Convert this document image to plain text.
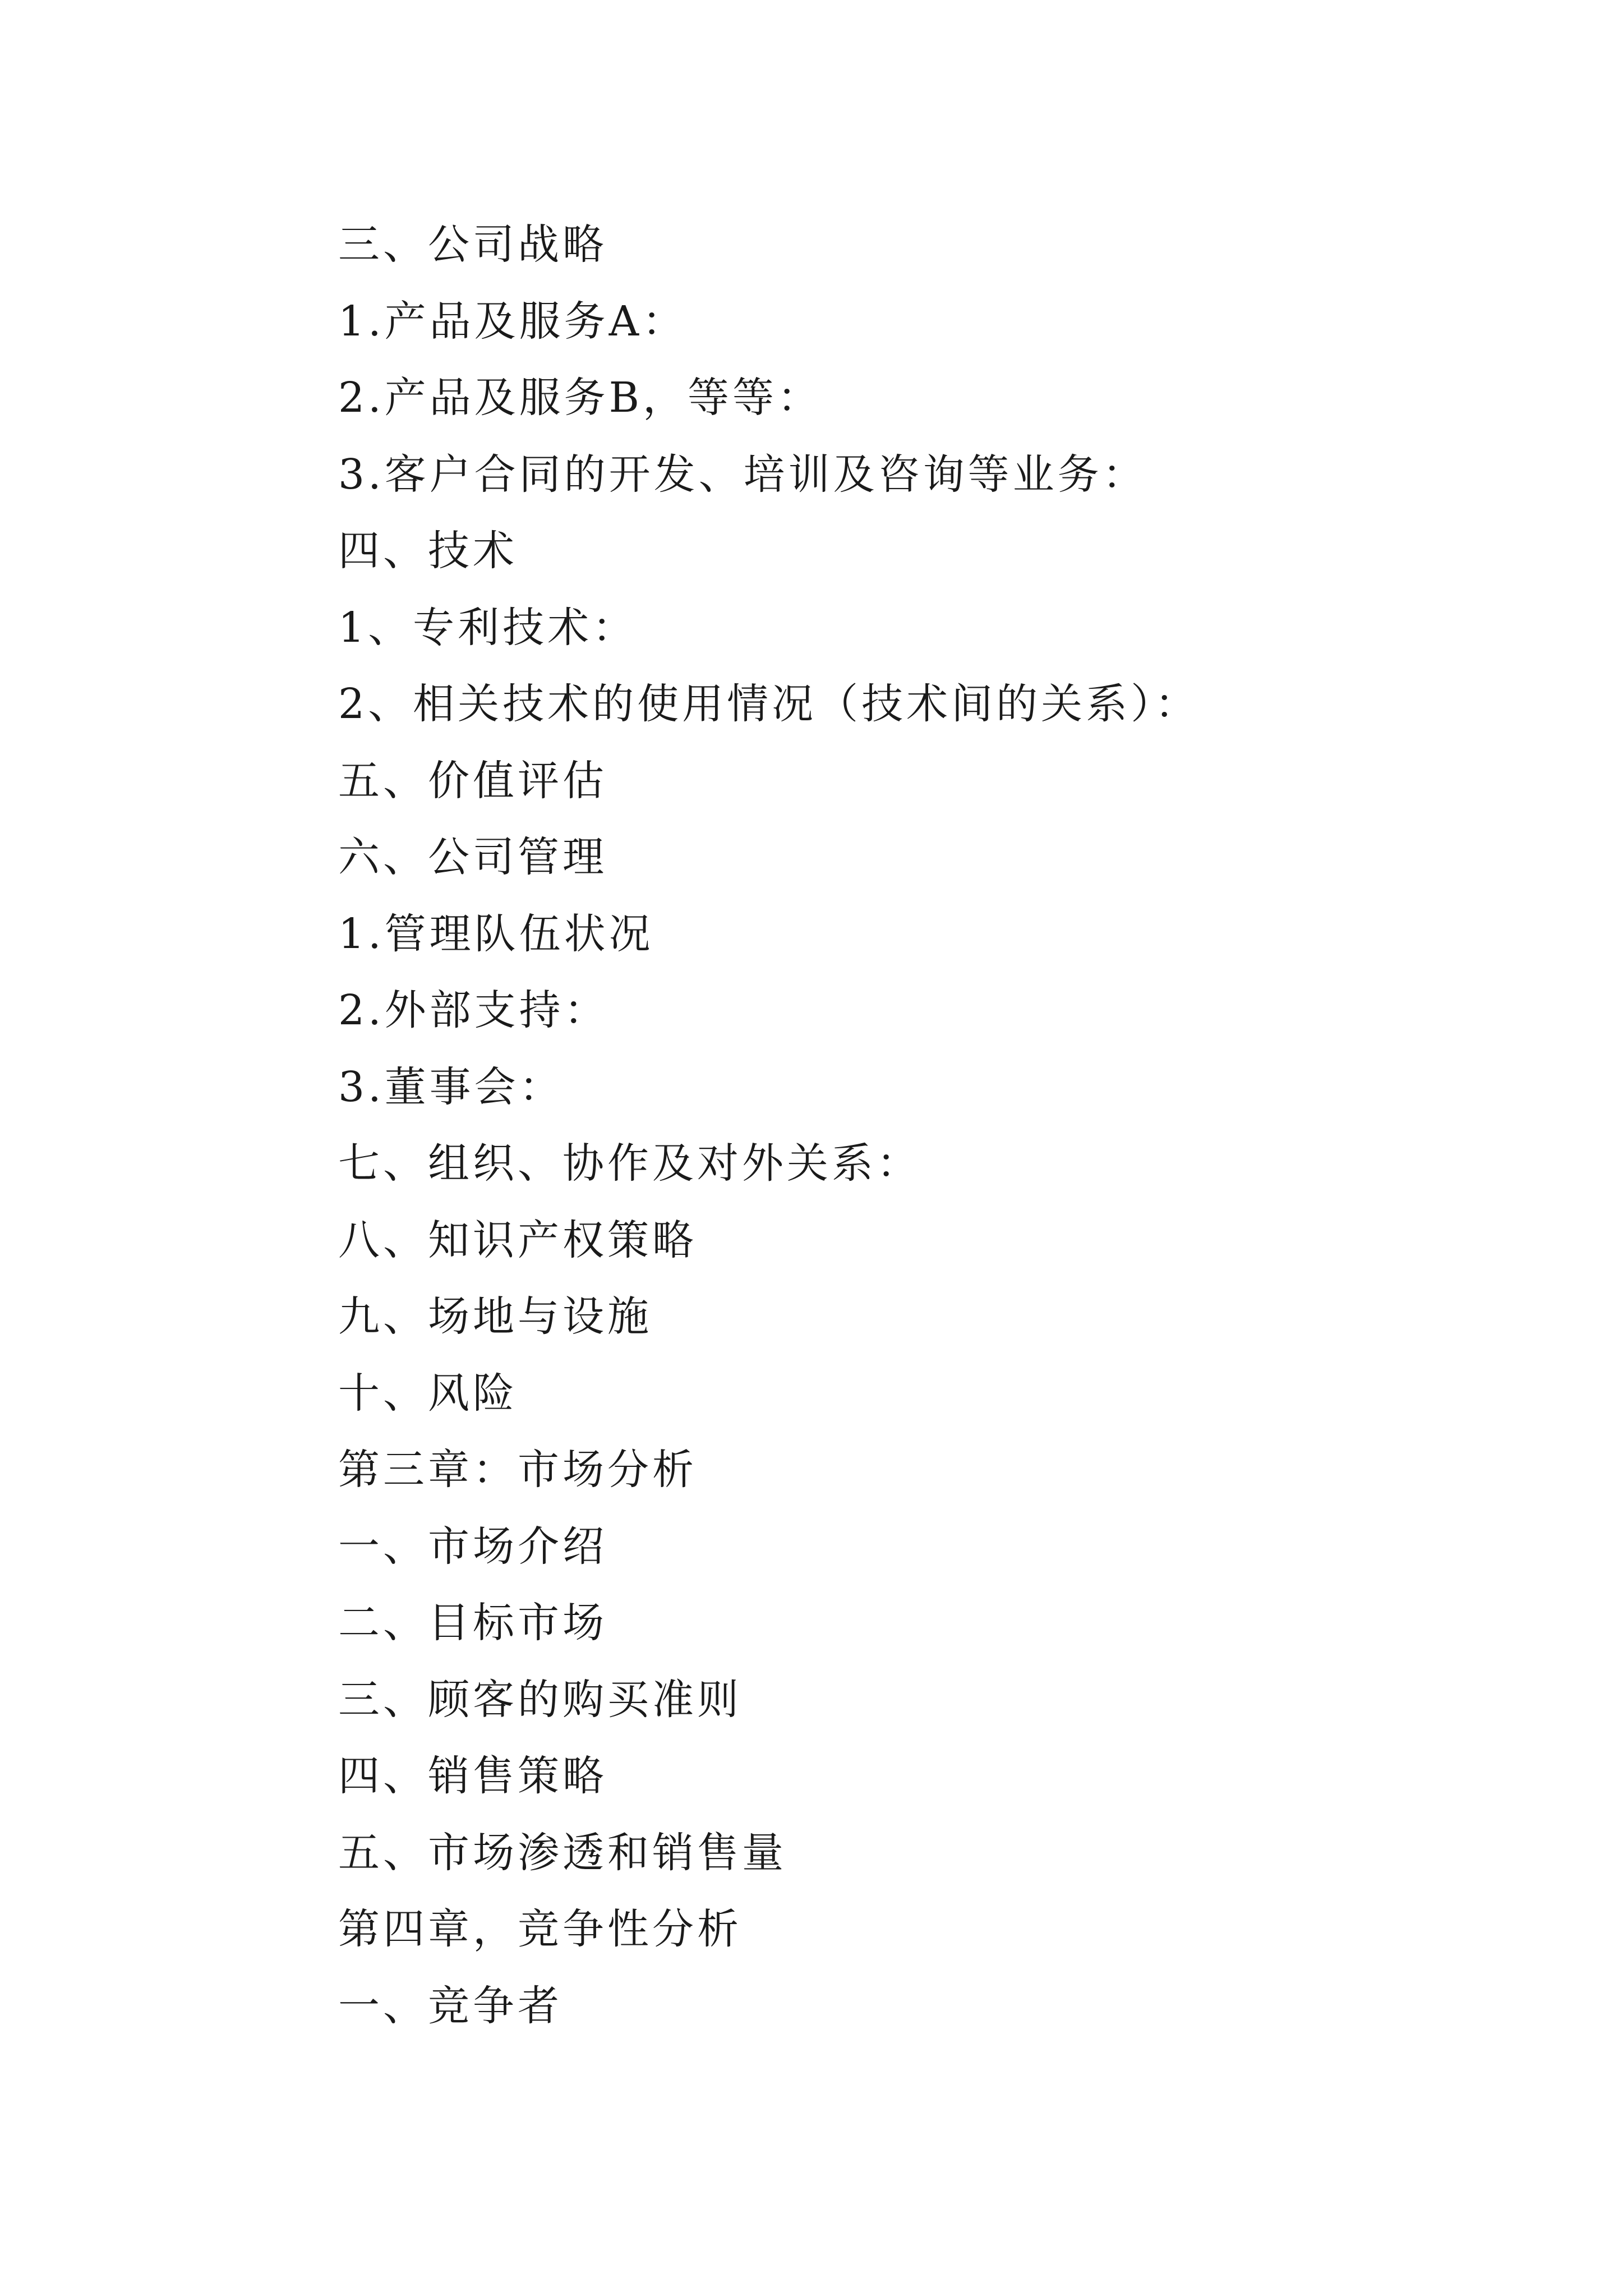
三、公司战略
1.产品及服务A：
2.产品及服务B，等等：
3.客户合同的开发、培训及咨询等业务：
四、技术
1、专利技术：
2、相关技术的使用情况（技术间的关系）：
五、价值评估
六、公司管理
1.管理队伍状况
2.外部支持：
3.董事会：
七、组织、协作及对外关系：
八、知识产权策略
九、场地与设施
十、风险
第三章：市场分析
一、市场介绍
二、目标市场
三、顾客的购买准则
四、销售策略
五、市场渗透和销售量
第四章，竞争性分析
一、竞争者
